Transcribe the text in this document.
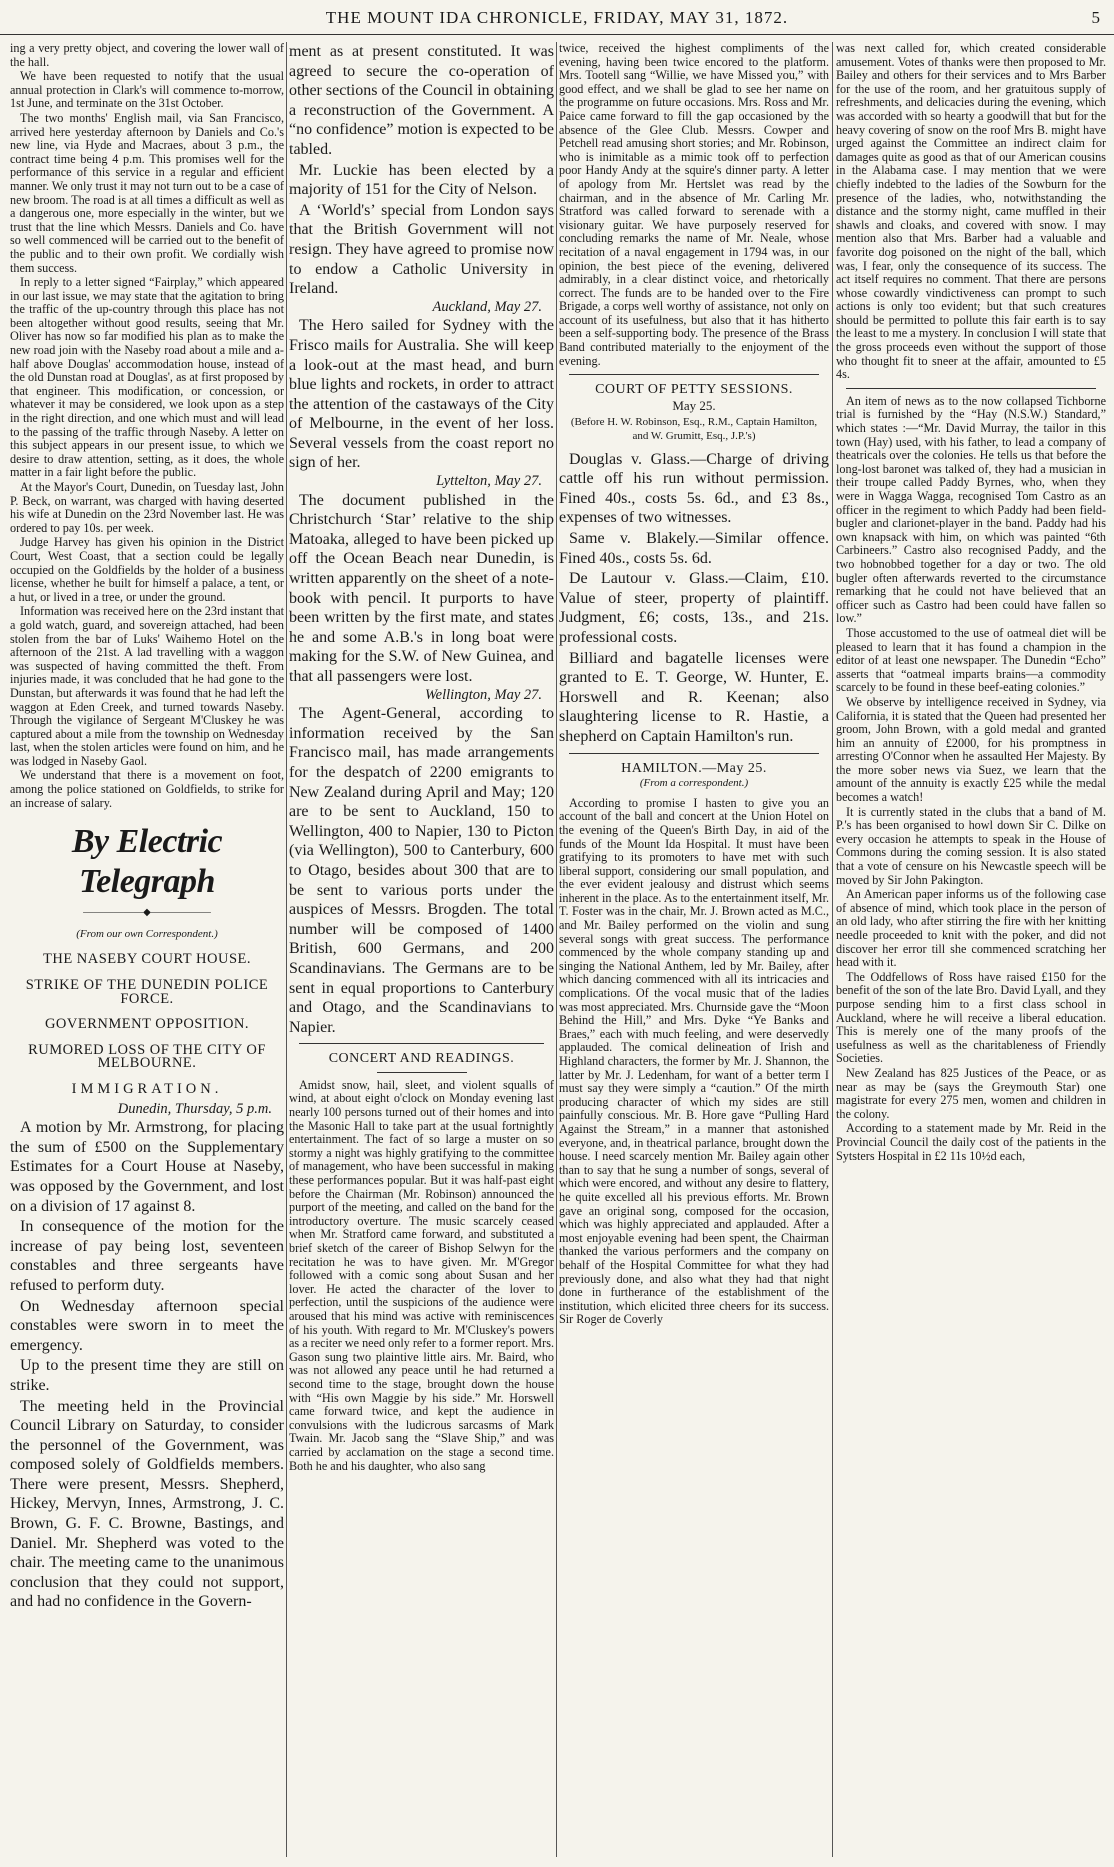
THE MOUNT IDA CHRONICLE, FRIDAY, MAY 31, 1872.	5

ing a very pretty object, and covering the lower wall of the hall.

We have been requested to notify that the usual annual protection in Clark's will commence to-morrow, 1st June, and terminate on the 31st October.

The two months' English mail, via San Francisco, arrived here yesterday afternoon by Daniels and Co.'s new line, via Hyde and Macraes, about 3 p.m., the contract time being 4 p.m. This promises well for the performance of this service in a regular and efficient manner. We only trust it may not turn out to be a case of new broom. The road is at all times a difficult as well as a dangerous one, more especially in the winter, but we trust that the line which Messrs. Daniels and Co. have so well commenced will be carried out to the benefit of the public and to their own profit. We cordially wish them success.

In reply to a letter signed “Fairplay,” which appeared in our last issue, we may state that the agitation to bring the traffic of the up-country through this place has not been altogether without good results, seeing that Mr. Oliver has now so far modified his plan as to make the new road join with the Naseby road about a mile and a-half above Douglas' accommodation house, instead of the old Dunstan road at Douglas', as at first proposed by that engineer. This modification, or concession, or whatever it may be considered, we look upon as a step in the right direction, and one which must and will lead to the passing of the traffic through Naseby. A letter on this subject appears in our present issue, to which we desire to draw attention, setting, as it does, the whole matter in a fair light before the public.

At the Mayor's Court, Dunedin, on Tuesday last, John P. Beck, on warrant, was charged with having deserted his wife at Dunedin on the 23rd November last. He was ordered to pay 10s. per week.

Judge Harvey has given his opinion in the District Court, West Coast, that a section could be legally occupied on the Goldfields by the holder of a business license, whether he built for himself a palace, a tent, or a hut, or lived in a tree, or under the ground.

Information was received here on the 23rd instant that a gold watch, guard, and sovereign attached, had been stolen from the bar of Luks' Waihemo Hotel on the afternoon of the 21st. A lad travelling with a waggon was suspected of having committed the theft. From injuries made, it was concluded that he had gone to the Dunstan, but afterwards it was found that he had left the waggon at Eden Creek, and turned towards Naseby. Through the vigilance of Sergeant M'Cluskey he was captured about a mile from the township on Wednesday last, when the stolen articles were found on him, and he was lodged in Naseby Gaol.

We understand that there is a movement on foot, among the police stationed on Goldfields, to strike for an increase of salary.

By Electric Telegraph
——————◆——————
(From our own Correspondent.)
THE NASEBY COURT HOUSE.
STRIKE OF THE DUNEDIN POLICE FORCE.
GOVERNMENT OPPOSITION.
RUMORED LOSS OF THE CITY OF MELBOURNE.
IMMIGRATION.
Dunedin, Thursday, 5 p.m.

A motion by Mr. Armstrong, for placing the sum of £500 on the Supplementary Estimates for a Court House at Naseby, was opposed by the Government, and lost on a division of 17 against 8.

In consequence of the motion for the increase of pay being lost, seventeen constables and three sergeants have refused to perform duty.

On Wednesday afternoon special constables were sworn in to meet the emergency.

Up to the present time they are still on strike.

The meeting held in the Provincial Council Library on Saturday, to consider the personnel of the Government, was composed solely of Goldfields members. There were present, Messrs. Shepherd, Hickey, Mervyn, Innes, Armstrong, J. C. Brown, G. F. C. Browne, Bastings, and Daniel. Mr. Shepherd was voted to the chair. The meeting came to the unanimous conclusion that they could not support, and had no confidence in the Govern-

ment as at present constituted. It was agreed to secure the co-operation of other sections of the Council in obtaining a reconstruction of the Government. A “no confidence” motion is expected to be tabled.

Mr. Luckie has been elected by a majority of 151 for the City of Nelson.

A ‘World's’ special from London says that the British Government will not resign. They have agreed to promise now to endow a Catholic University in Ireland.

Auckland, May 27.

The Hero sailed for Sydney with the Frisco mails for Australia. She will keep a look-out at the mast head, and burn blue lights and rockets, in order to attract the attention of the castaways of the City of Melbourne, in the event of her loss. Several vessels from the coast report no sign of her.

Lyttelton, May 27.

The document published in the Christchurch ‘Star’ relative to the ship Matoaka, alleged to have been picked up off the Ocean Beach near Dunedin, is written apparently on the sheet of a note-book with pencil. It purports to have been written by the first mate, and states he and some A.B.'s in long boat were making for the S.W. of New Guinea, and that all passengers were lost.

Wellington, May 27.

The Agent-General, according to information received by the San Francisco mail, has made arrangements for the despatch of 2200 emigrants to New Zealand during April and May; 120 are to be sent to Auckland, 150 to Wellington, 400 to Napier, 130 to Picton (via Wellington), 500 to Canterbury, 600 to Otago, besides about 300 that are to be sent to various ports under the auspices of Messrs. Brogden. The total number will be composed of 1400 British, 600 Germans, and 200 Scandinavians. The Germans are to be sent in equal proportions to Canterbury and Otago, and the Scandinavians to Napier.

CONCERT AND READINGS.

Amidst snow, hail, sleet, and violent squalls of wind, at about eight o'clock on Monday evening last nearly 100 persons turned out of their homes and into the Masonic Hall to take part at the usual fortnightly entertainment. The fact of so large a muster on so stormy a night was highly gratifying to the committee of management, who have been successful in making these performances popular. But it was half-past eight before the Chairman (Mr. Robinson) announced the purport of the meeting, and called on the band for the introductory overture. The music scarcely ceased when Mr. Stratford came forward, and substituted a brief sketch of the career of Bishop Selwyn for the recitation he was to have given. Mr. M'Gregor followed with a comic song about Susan and her lover. He acted the character of the lover to perfection, until the suspicions of the audience were aroused that his mind was active with reminiscences of his youth. With regard to Mr. M'Cluskey's powers as a reciter we need only refer to a former report. Mrs. Gason sung two plaintive little airs. Mr. Baird, who was not allowed any peace until he had returned a second time to the stage, brought down the house with “His own Maggie by his side.” Mr. Horswell came forward twice, and kept the audience in convulsions with the ludicrous sarcasms of Mark Twain. Mr. Jacob sang the “Slave Ship,” and was carried by acclamation on the stage a second time. Both he and his daughter, who also sang

twice, received the highest compliments of the evening, having been twice encored to the platform. Mrs. Tootell sang “Willie, we have Missed you,” with good effect, and we shall be glad to see her name on the programme on future occasions. Mrs. Ross and Mr. Paice came forward to fill the gap occasioned by the absence of the Glee Club. Messrs. Cowper and Petchell read amusing short stories; and Mr. Robinson, who is inimitable as a mimic took off to perfection poor Handy Andy at the squire's dinner party. A letter of apology from Mr. Hertslet was read by the chairman, and in the absence of Mr. Carling Mr. Stratford was called forward to serenade with a visionary guitar. We have purposely reserved for concluding remarks the name of Mr. Neale, whose recitation of a naval engagement in 1794 was, in our opinion, the best piece of the evening, delivered admirably, in a clear distinct voice, and rhetorically correct. The funds are to be handed over to the Fire Brigade, a corps well worthy of assistance, not only on account of its usefulness, but also that it has hitherto been a self-supporting body. The presence of the Brass Band contributed materially to the enjoyment of the evening.

COURT OF PETTY SESSIONS.
May 25.
(Before H. W. Robinson, Esq., R.M., Captain Hamilton, and W. Grumitt, Esq., J.P.'s)

Douglas v. Glass.—Charge of driving cattle off his run without permission. Fined 40s., costs 5s. 6d., and £3 8s., expenses of two witnesses.

Same v. Blakely.—Similar offence. Fined 40s., costs 5s. 6d.

De Lautour v. Glass.—Claim, £10. Value of steer, property of plaintiff. Judgment, £6; costs, 13s., and 21s. professional costs.

Billiard and bagatelle licenses were granted to E. T. George, W. Hunter, E. Horswell and R. Keenan; also slaughtering license to R. Hastie, a shepherd on Captain Hamilton's run.

HAMILTON.—May 25.
(From a correspondent.)

According to promise I hasten to give you an account of the ball and concert at the Union Hotel on the evening of the Queen's Birth Day, in aid of the funds of the Mount Ida Hospital. It must have been gratifying to its promoters to have met with such liberal support, considering our small population, and the ever evident jealousy and distrust which seems inherent in the place. As to the entertainment itself, Mr. T. Foster was in the chair, Mr. J. Brown acted as M.C., and Mr. Bailey performed on the violin and sung several songs with great success. The performance commenced by the whole company standing up and singing the National Anthem, led by Mr. Bailey, after which dancing commenced with all its intricacies and complications. Of the vocal music that of the ladies was most appreciated. Mrs. Churnside gave the “Moon Behind the Hill,” and Mrs. Dyke “Ye Banks and Braes,” each with much feeling, and were deservedly applauded. The comical delineation of Irish and Highland characters, the former by Mr. J. Shannon, the latter by Mr. J. Ledenham, for want of a better term I must say they were simply a “caution.” Of the mirth producing character of which my sides are still painfully conscious. Mr. B. Hore gave “Pulling Hard Against the Stream,” in a manner that astonished everyone, and, in theatrical parlance, brought down the house. I need scarcely mention Mr. Bailey again other than to say that he sung a number of songs, several of which were encored, and without any desire to flattery, he quite excelled all his previous efforts. Mr. Brown gave an original song, composed for the occasion, which was highly appreciated and applauded. After a most enjoyable evening had been spent, the Chairman thanked the various performers and the company on behalf of the Hospital Committee for what they had previously done, and also what they had that night done in furtherance of the establishment of the institution, which elicited three cheers for its success. Sir Roger de Coverly

was next called for, which created considerable amusement. Votes of thanks were then proposed to Mr. Bailey and others for their services and to Mrs Barber for the use of the room, and her gratuitous supply of refreshments, and delicacies during the evening, which was accorded with so hearty a goodwill that but for the heavy covering of snow on the roof Mrs B. might have urged against the Committee an indirect claim for damages quite as good as that of our American cousins in the Alabama case. I may mention that we were chiefly indebted to the ladies of the Sowburn for the presence of the ladies, who, notwithstanding the distance and the stormy night, came muffled in their shawls and cloaks, and covered with snow. I may mention also that Mrs. Barber had a valuable and favorite dog poisoned on the night of the ball, which was, I fear, only the consequence of its success. The act itself requires no comment. That there are persons whose cowardly vindictiveness can prompt to such actions is only too evident; but that such creatures should be permitted to pollute this fair earth is to say the least to me a mystery. In conclusion I will state that the gross proceeds even without the support of those who thought fit to sneer at the affair, amounted to £5 4s.

An item of news as to the now collapsed Tichborne trial is furnished by the “Hay (N.S.W.) Standard,” which states :—“Mr. David Murray, the tailor in this town (Hay) used, with his father, to lead a company of theatricals over the colonies. He tells us that before the long-lost baronet was talked of, they had a musician in their troupe called Paddy Byrnes, who, when they were in Wagga Wagga, recognised Tom Castro as an officer in the regiment to which Paddy had been field-bugler and clarionet-player in the band. Paddy had his own knapsack with him, on which was painted “6th Carbineers.” Castro also recognised Paddy, and the two hobnobbed together for a day or two. The old bugler often afterwards reverted to the circumstance remarking that he could not have believed that an officer such as Castro had been could have fallen so low.”

Those accustomed to the use of oatmeal diet will be pleased to learn that it has found a champion in the editor of at least one newspaper. The Dunedin “Echo” asserts that “oatmeal imparts brains—a commodity scarcely to be found in these beef-eating colonies.”

We observe by intelligence received in Sydney, via California, it is stated that the Queen had presented her groom, John Brown, with a gold medal and granted him an annuity of £2000, for his promptness in arresting O'Connor when he assaulted Her Majesty. By the more sober news via Suez, we learn that the amount of the annuity is exactly £25 while the medal becomes a watch!

It is currently stated in the clubs that a band of M. P.'s has been organised to howl down Sir C. Dilke on every occasion he attempts to speak in the House of Commons during the coming session. It is also stated that a vote of censure on his Newcastle speech will be moved by Sir John Pakington.

An American paper informs us of the following case of absence of mind, which took place in the person of an old lady, who after stirring the fire with her knitting needle proceeded to knit with the poker, and did not discover her error till she commenced scratching her head with it.

The Oddfellows of Ross have raised £150 for the benefit of the son of the late Bro. David Lyall, and they purpose sending him to a first class school in Auckland, where he will receive a liberal education. This is merely one of the many proofs of the usefulness as well as the charitableness of Friendly Societies.

New Zealand has 825 Justices of the Peace, or as near as may be (says the Greymouth Star) one magistrate for every 275 men, women and children in the colony.

According to a statement made by Mr. Reid in the Provincial Council the daily cost of the patients in the Sytsters Hospital in £2 11s 10½d each,
